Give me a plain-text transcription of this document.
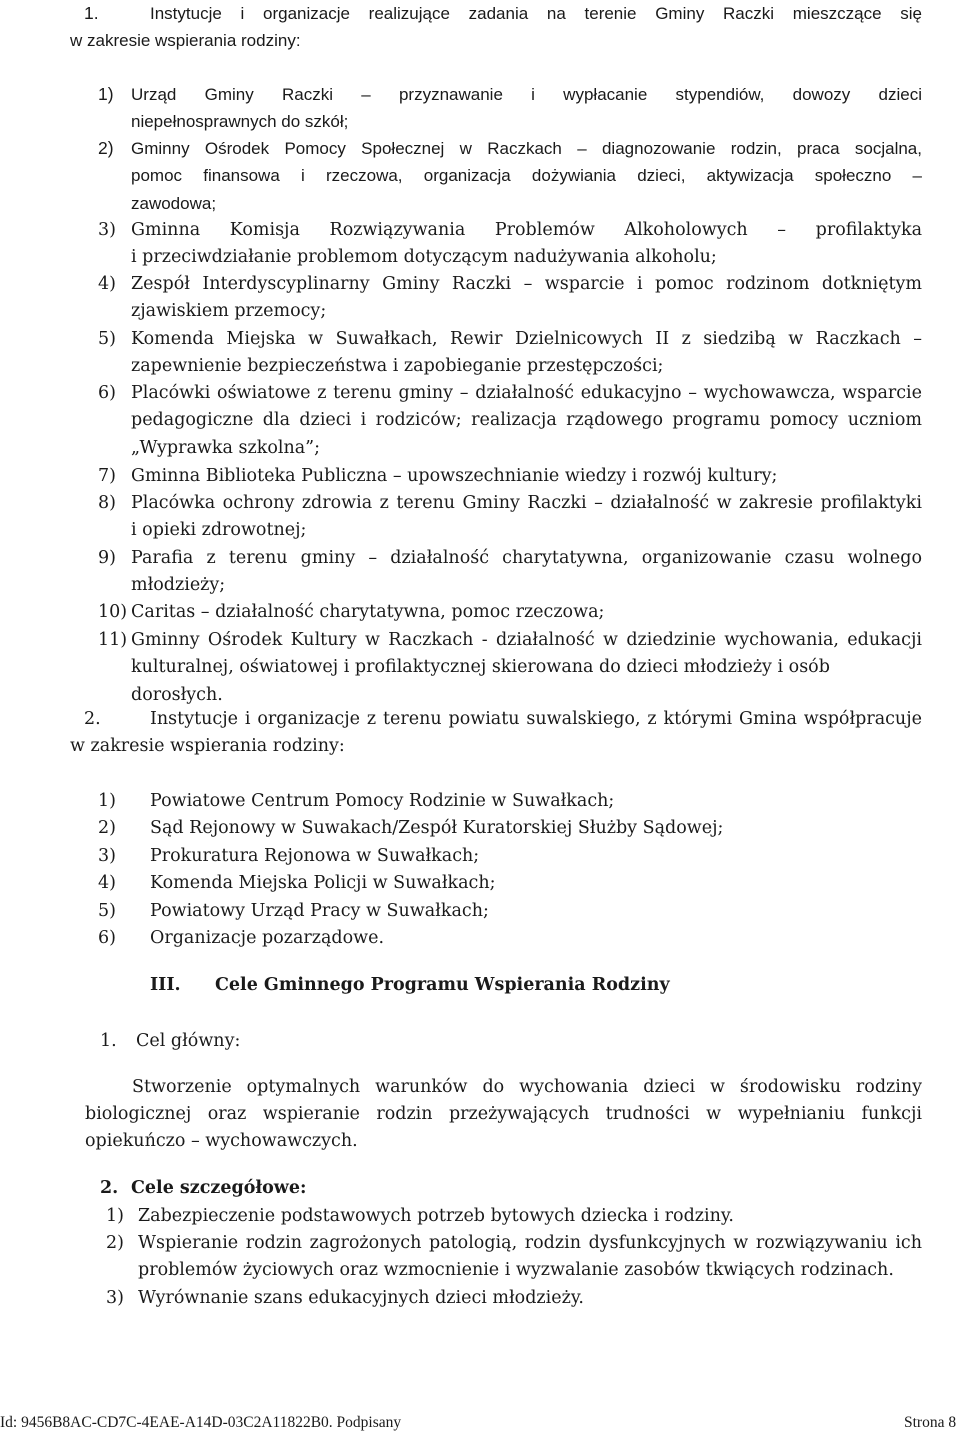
1.	Instytucje i organizacje realizujące zadania na terenie Gminy Raczki mieszczące się
w zakresie wspierania rodziny:
1) Urząd Gminy Raczki – przyznawanie i wypłacanie stypendiów, dowozy dzieci
niepełnosprawnych do szkół;
2) Gminny Ośrodek Pomocy Społecznej w Raczkach – diagnozowanie rodzin, praca socjalna,
pomoc finansowa i rzeczowa, organizacja dożywiania dzieci, aktywizacja społeczno –
zawodowa;
3) Gminna Komisja Rozwiązywania Problemów Alkoholowych – profilaktyka
i przeciwdziałanie problemom dotyczącym nadużywania alkoholu;
4) Zespół Interdyscyplinarny Gminy Raczki – wsparcie i pomoc rodzinom dotkniętym
zjawiskiem przemocy;
5) Komenda Miejska w Suwałkach, Rewir Dzielnicowych II z siedzibą w Raczkach –
zapewnienie bezpieczeństwa i zapobieganie przestępczości;
6) Placówki oświatowe z terenu gminy – działalność edukacyjno – wychowawcza, wsparcie
pedagogiczne dla dzieci i rodziców; realizacja rządowego programu pomocy uczniom
„Wyprawka szkolna”;
7) Gminna Biblioteka Publiczna – upowszechnianie wiedzy i rozwój kultury;
8) Placówka ochrony zdrowia z terenu Gminy Raczki – działalność w zakresie profilaktyki
i opieki zdrowotnej;
9) Parafia z terenu gminy – działalność charytatywna, organizowanie czasu wolnego
młodzieży;
10) Caritas – działalność charytatywna, pomoc rzeczowa;
11) Gminny Ośrodek Kultury w Raczkach - działalność w dziedzinie wychowania, edukacji
kulturalnej, oświatowej i profilaktycznej skierowana do dzieci młodzieży i osób dorosłych.
2.	Instytucje i organizacje z terenu powiatu suwalskiego, z którymi Gmina współpracuje
w zakresie wspierania rodziny:
1) Powiatowe Centrum Pomocy Rodzinie w Suwałkach;
2) Sąd Rejonowy w Suwakach/Zespół Kuratorskiej Służby Sądowej;
3) Prokuratura Rejonowa w Suwałkach;
4) Komenda Miejska Policji w Suwałkach;
5) Powiatowy Urząd Pracy w Suwałkach;
6) Organizacje pozarządowe.
III. Cele Gminnego Programu Wspierania Rodziny
1. Cel główny:
Stworzenie optymalnych warunków do wychowania dzieci w środowisku rodziny
biologicznej oraz wspieranie rodzin przeżywających trudności w wypełnianiu funkcji
opiekuńczo – wychowawczych.
2. Cele szczegółowe:
1) Zabezpieczenie podstawowych potrzeb bytowych dziecka i rodziny.
2) Wspieranie rodzin zagrożonych patologią, rodzin dysfunkcyjnych w rozwiązywaniu ich
problemów życiowych oraz wzmocnienie i wyzwalanie zasobów tkwiących rodzinach.
3) Wyrównanie szans edukacyjnych dzieci młodzieży.
Id: 9456B8AC-CD7C-4EAE-A14D-03C2A11822B0. Podpisany	Strona 8
